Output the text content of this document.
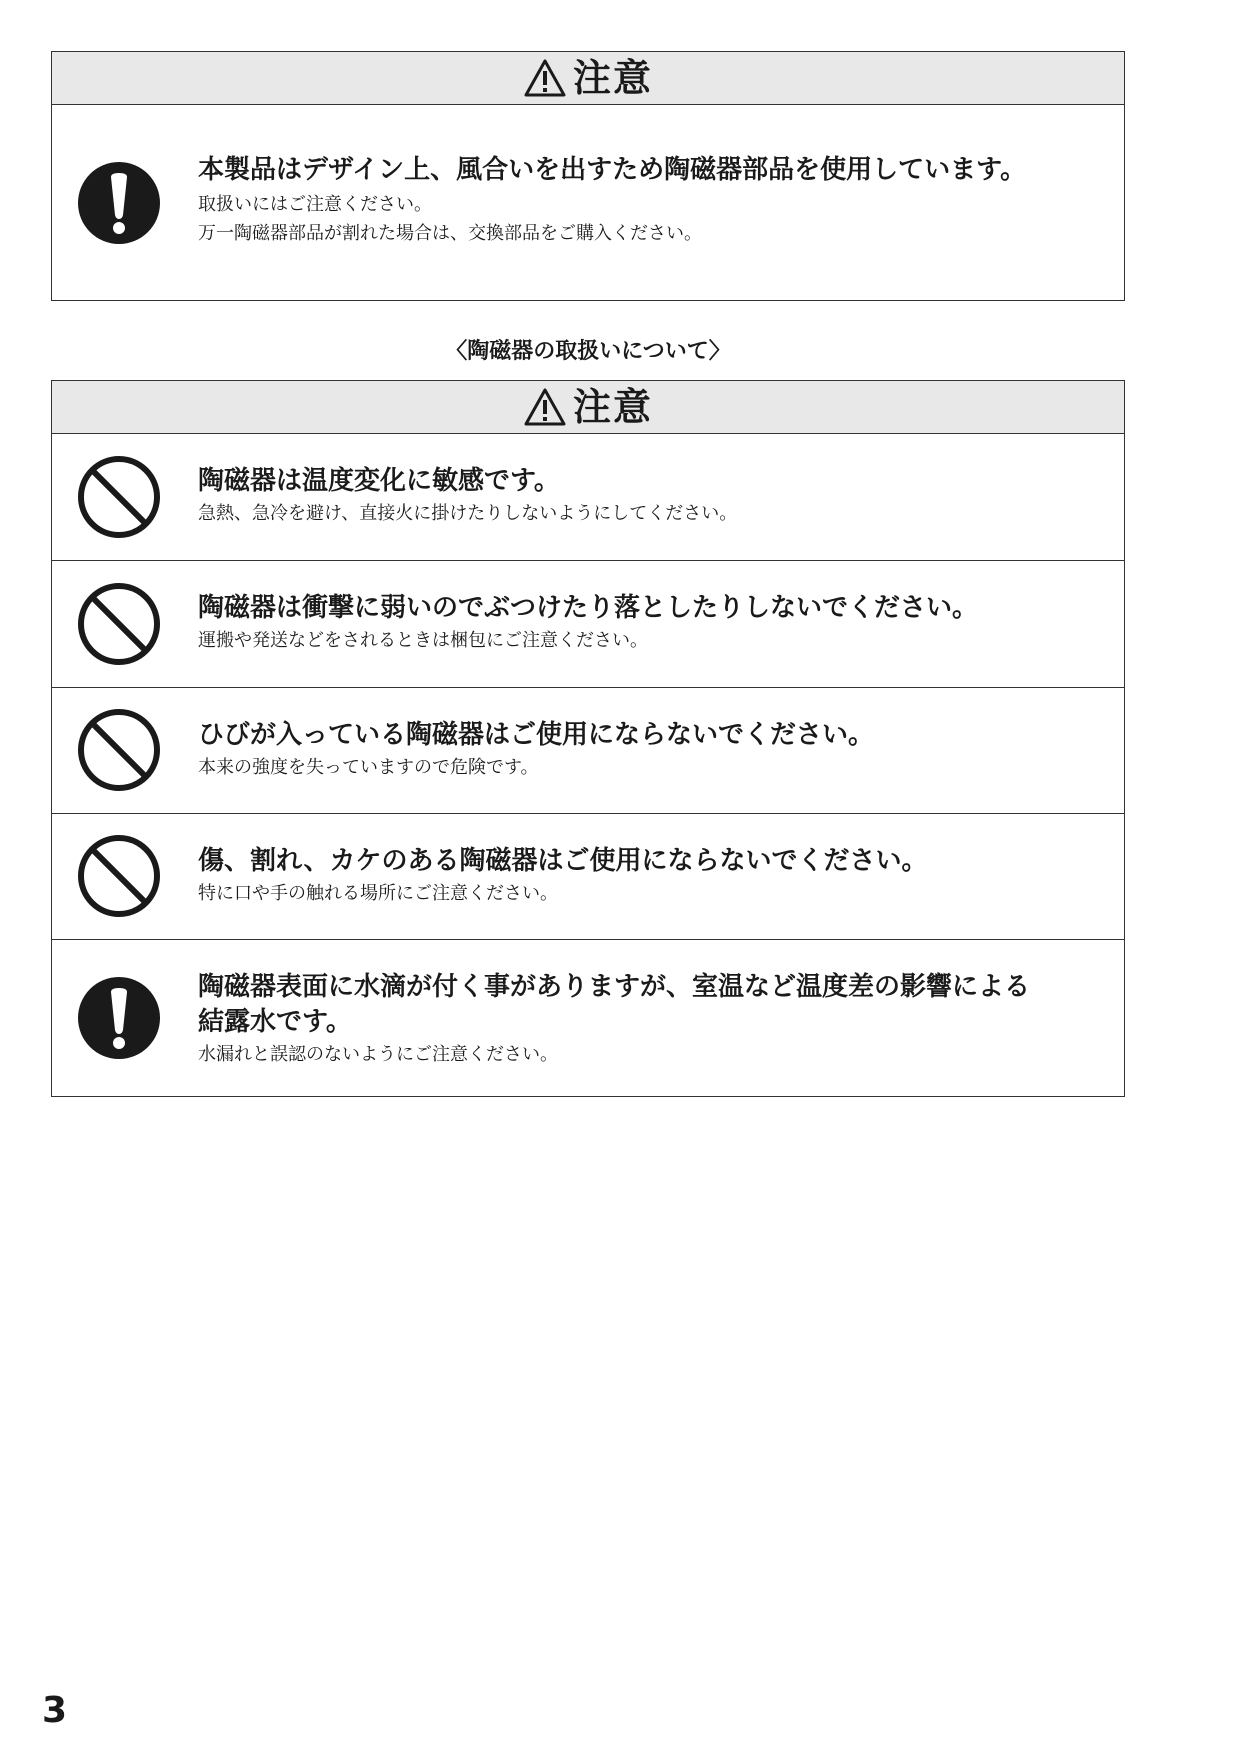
注意

本製品はデザイン上、風合いを出すため陶磁器部品を使用しています。

取扱いにはご注意ください。

万一陶磁器部品が割れた場合は、交換部品をご購入ください。

〈陶磁器の取扱いについて〉
注意

陶磁器は温度変化に敏感です。

急熱、急冷を避け、直接火に掛けたりしないようにしてください。

陶磁器は衝撃に弱いのでぶつけたり落としたりしないでください。

運搬や発送などをされるときは梱包にご注意ください。

ひびが入っている陶磁器はご使用にならないでください。

本来の強度を失っていますので危険です。

傷、割れ、カケのある陶磁器はご使用にならないでください。

特に口や手の触れる場所にご注意ください。

陶磁器表面に水滴が付く事がありますが、室温など温度差の影響による

結露水です。

水漏れと誤認のないようにご注意ください。

3
